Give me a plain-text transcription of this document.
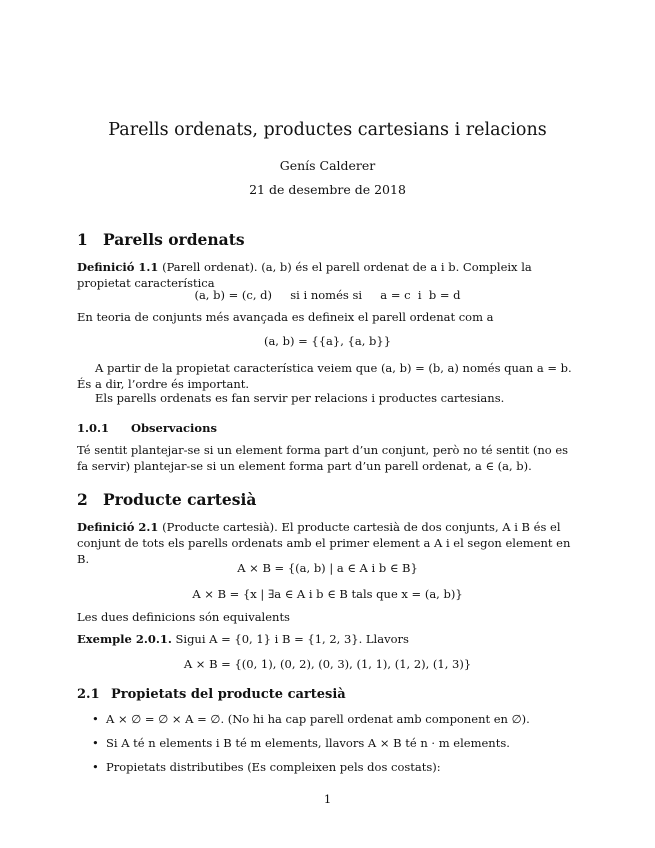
Parells ordenats, productes cartesians i relacions
Genís Calderer
21 de desembre de 2018
1 Parells ordenats
Definició 1.1 (Parell ordenat). (a, b) és el parell ordenat de a i b. Compleix la propietat característica
(a, b) = (c, d)     si i només si     a = c  i  b = d
En teoria de conjunts més avançada es defineix el parell ordenat com a
(a, b) = {{a}, {a, b}}
A partir de la propietat característica veiem que (a, b) = (b, a) només quan a = b. És a dir, l’ordre és important.
Els parells ordenats es fan servir per relacions i productes cartesians.
1.0.1 Observacions
Té sentit plantejar-se si un element forma part d’un conjunt, però no té sentit (no es fa servir) plantejar-se si un element forma part d’un parell ordenat, a ∈ (a, b).
2 Producte cartesià
Definició 2.1 (Producte cartesià). El producte cartesià de dos conjunts, A i B és el conjunt de tots els parells ordenats amb el primer element a A i el segon element en B.
A × B = {(a, b) | a ∈ A i b ∈ B}
A × B = {x | ∃a ∈ A i b ∈ B tals que x = (a, b)}
Les dues definicions són equivalents
Exemple 2.0.1. Sigui A = {0, 1} i B = {1, 2, 3}. Llavors
A × B = {(0, 1), (0, 2), (0, 3), (1, 1), (1, 2), (1, 3)}
2.1 Propietats del producte cartesià
• A × ∅ = ∅ × A = ∅. (No hi ha cap parell ordenat amb component en ∅).
• Si A té n elements i B té m elements, llavors A × B té n · m elements.
• Propietats distributibes (Es compleixen pels dos costats):
1
